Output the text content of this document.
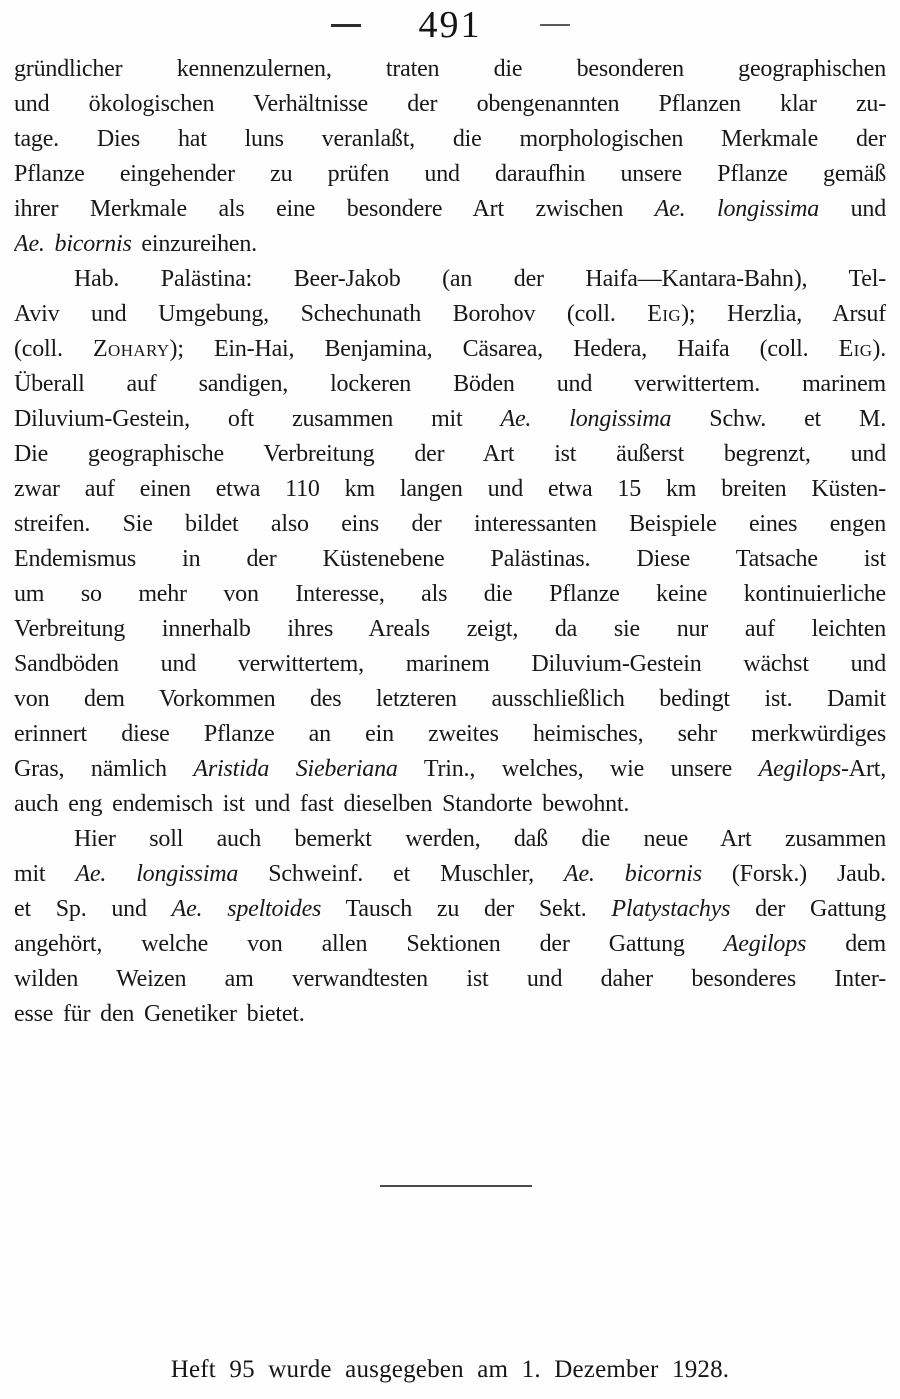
491
gründlicher kennenzulernen, traten die besonderen geographischen
und ökologischen Verhältnisse der obengenannten Pflanzen klar zu-
tage. Dies hat luns veranlaßt, die morphologischen Merkmale der
Pflanze eingehender zu prüfen und daraufhin unsere Pflanze gemäß
ihrer Merkmale als eine besondere Art zwischen Ae. longissima und
Ae. bicornis einzureihen.
Hab. Palästina: Beer-Jakob (an der Haifa—Kantara-Bahn), Tel-
Aviv und Umgebung, Schechunath Borohov (coll. Eig); Herzlia, Arsuf
(coll. Zohary); Ein-Hai, Benjamina, Cäsarea, Hedera, Haifa (coll. Eig).
Überall auf sandigen, lockeren Böden und verwittertem. marinem
Diluvium-Gestein, oft zusammen mit Ae. longissima Schw. et M.
Die geographische Verbreitung der Art ist äußerst begrenzt, und
zwar auf einen etwa 110 km langen und etwa 15 km breiten Küsten-
streifen. Sie bildet also eins der interessanten Beispiele eines engen
Endemismus in der Küstenebene Palästinas. Diese Tatsache ist
um so mehr von Interesse, als die Pflanze keine kontinuierliche
Verbreitung innerhalb ihres Areals zeigt, da sie nur auf leichten
Sandböden und verwittertem, marinem Diluvium-Gestein wächst und
von dem Vorkommen des letzteren ausschließlich bedingt ist. Damit
erinnert diese Pflanze an ein zweites heimisches, sehr merkwürdiges
Gras, nämlich Aristida Sieberiana Trin., welches, wie unsere Aegilops-Art,
auch eng endemisch ist und fast dieselben Standorte bewohnt.
Hier soll auch bemerkt werden, daß die neue Art zusammen
mit Ae. longissima Schweinf. et Muschler, Ae. bicornis (Forsk.) Jaub.
et Sp. und Ae. speltoides Tausch zu der Sekt. Platystachys der Gattung
angehört, welche von allen Sektionen der Gattung Aegilops dem
wilden Weizen am verwandtesten ist und daher besonderes Inter-
esse für den Genetiker bietet.
Heft 95 wurde ausgegeben am 1. Dezember 1928.
